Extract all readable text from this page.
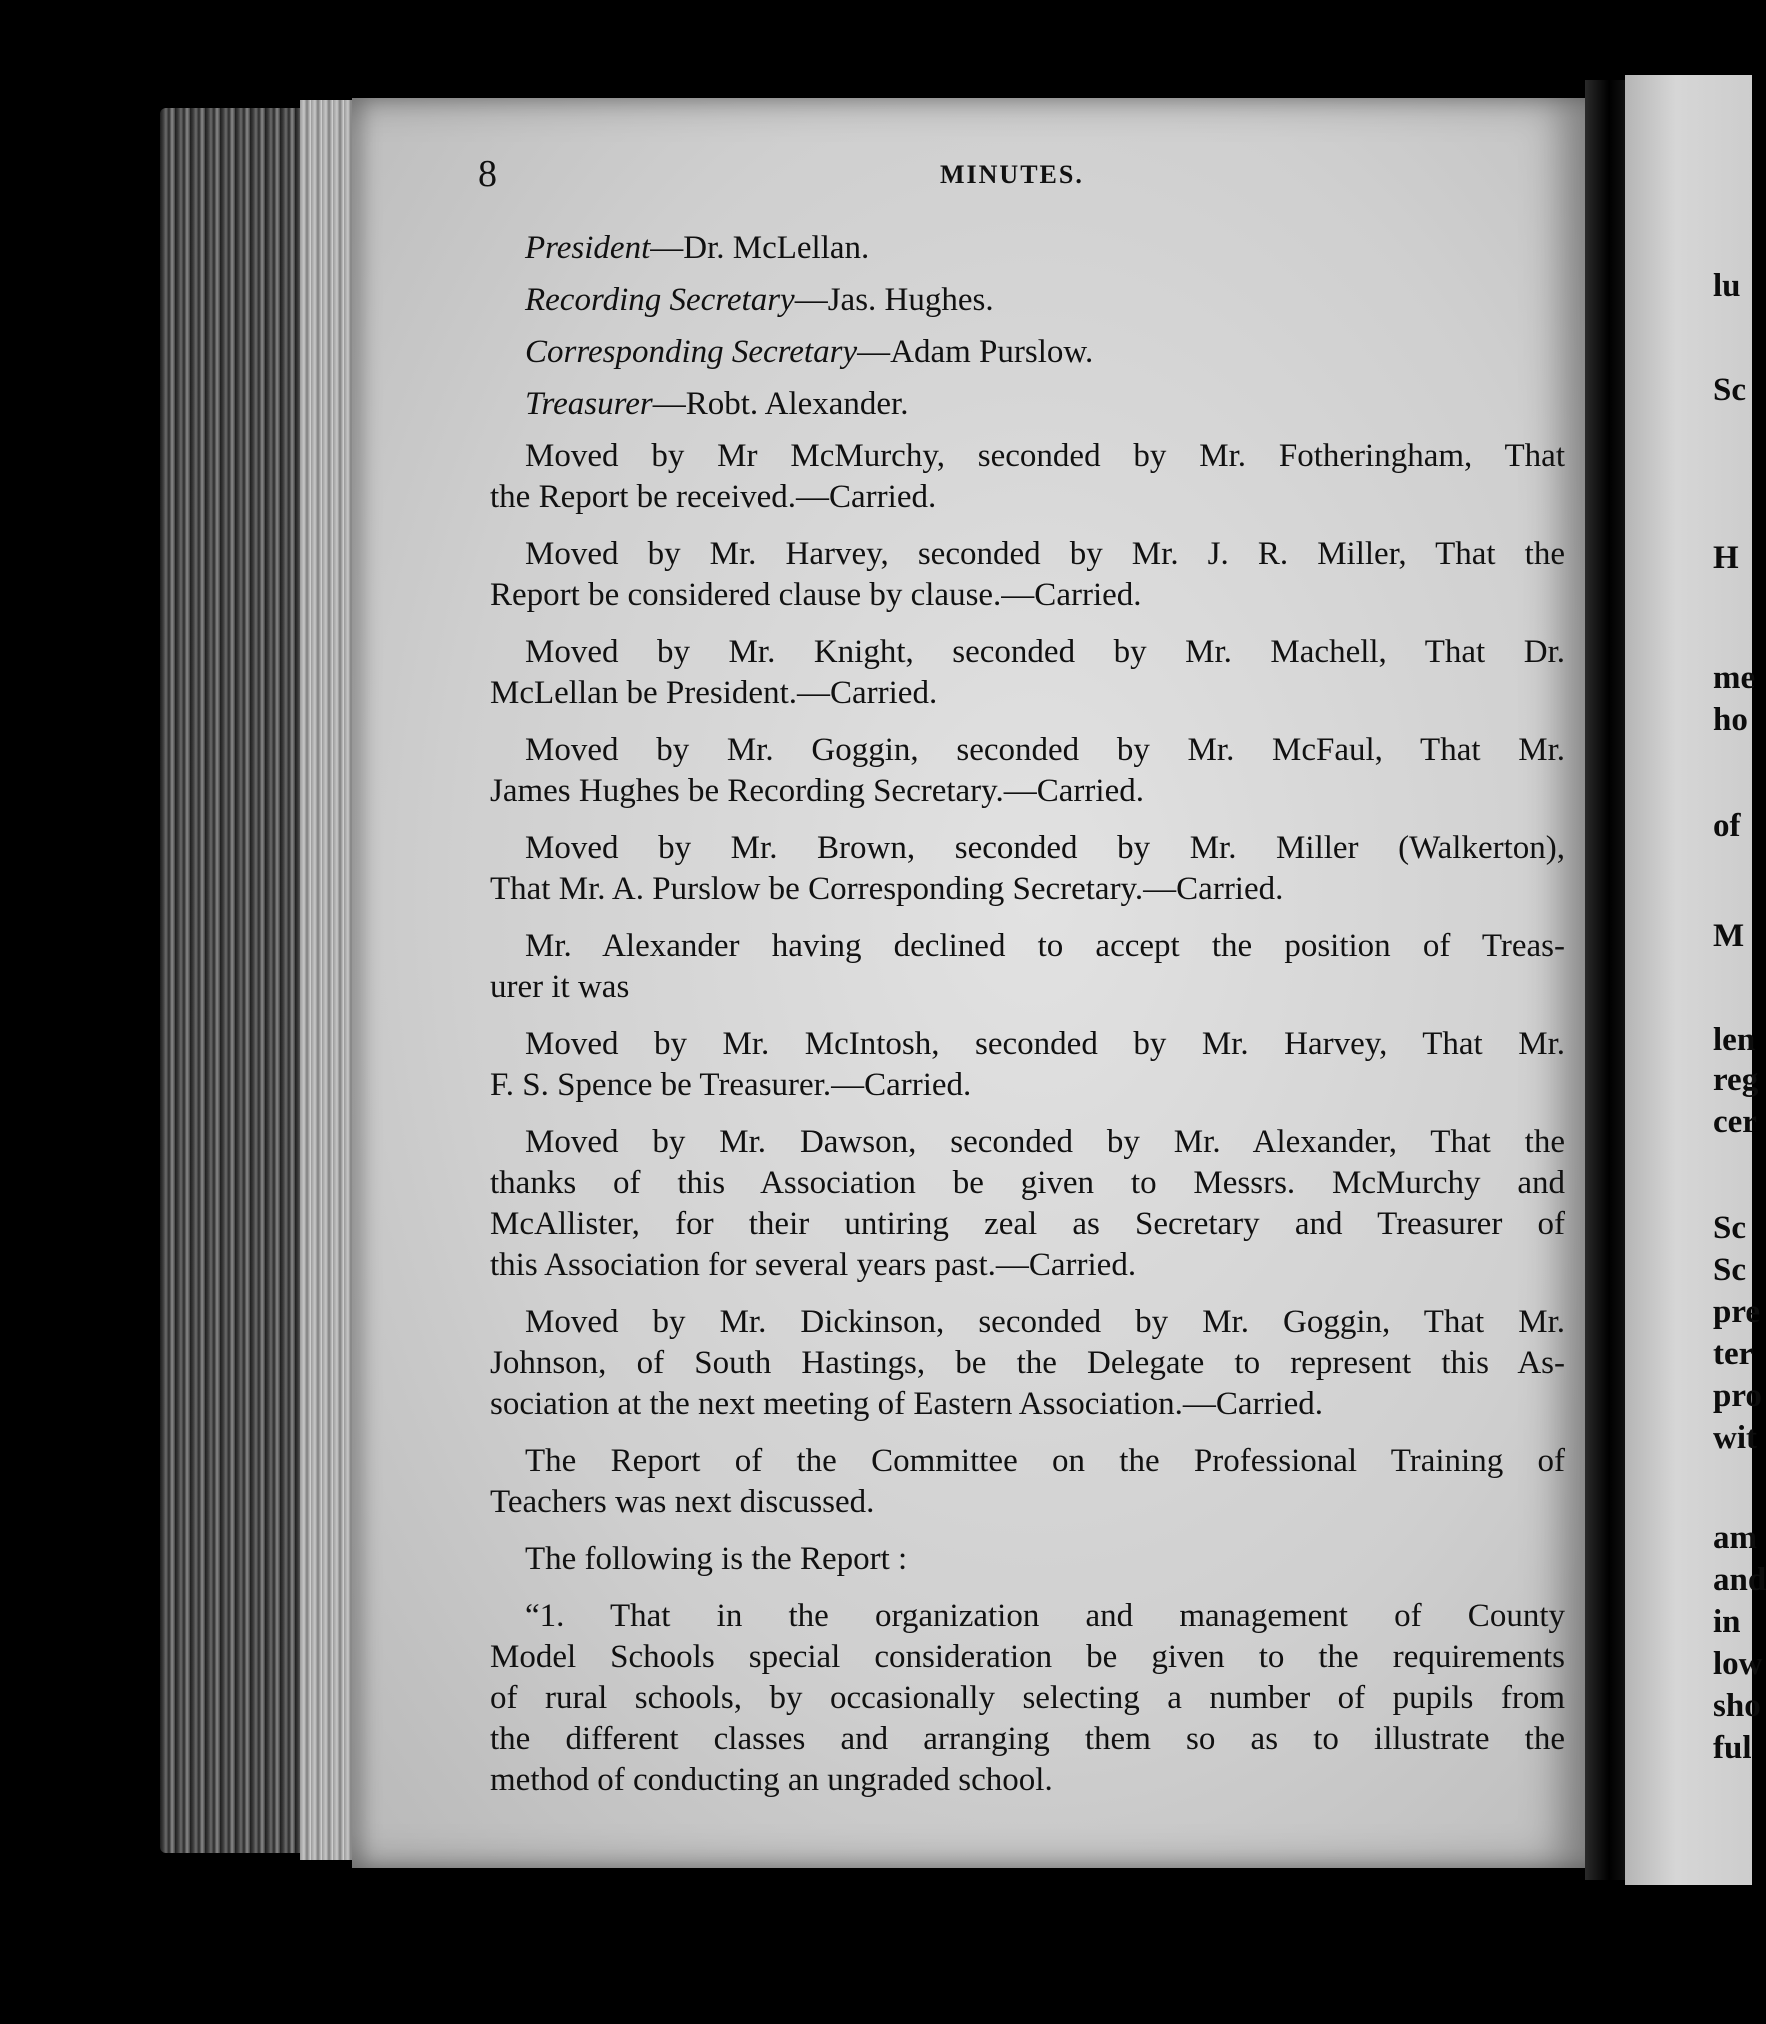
8	MINUTES.
President—Dr. McLellan.
Recording Secretary—Jas. Hughes.
Corresponding Secretary—Adam Purslow.
Treasurer—Robt. Alexander.
Moved by Mr McMurchy, seconded by Mr. Fotheringham, That
the Report be received.—Carried.
Moved by Mr. Harvey, seconded by Mr. J. R. Miller, That the
Report be considered clause by clause.—Carried.
Moved by Mr. Knight, seconded by Mr. Machell, That Dr.
McLellan be President.—Carried.
Moved by Mr. Goggin, seconded by Mr. McFaul, That Mr.
James Hughes be Recording Secretary.—Carried.
Moved by Mr. Brown, seconded by Mr. Miller (Walkerton),
That Mr. A. Purslow be Corresponding Secretary.—Carried.
Mr. Alexander having declined to accept the position of Treas-
urer it was
Moved by Mr. McIntosh, seconded by Mr. Harvey, That Mr.
F. S. Spence be Treasurer.—Carried.
Moved by Mr. Dawson, seconded by Mr. Alexander, That the
thanks of this Association be given to Messrs. McMurchy and
McAllister, for their untiring zeal as Secretary and Treasurer of
this Association for several years past.—Carried.
Moved by Mr. Dickinson, seconded by Mr. Goggin, That Mr.
Johnson, of South Hastings, be the Delegate to represent this As-
sociation at the next meeting of Eastern Association.—Carried.
The Report of the Committee on the Professional Training of
Teachers was next discussed.
The following is the Report :
“1. That in the organization and management of County
Model Schools special consideration be given to the requirements
of rural schools, by occasionally selecting a number of pupils from
the different classes and arranging them so as to illustrate the
method of conducting an ungraded school.
lu
Sc
H
me
ho
of
M
len
reg
cer
Sc
Sc
pre
ter
pro
wit
am
and
in
low
sho
ful
